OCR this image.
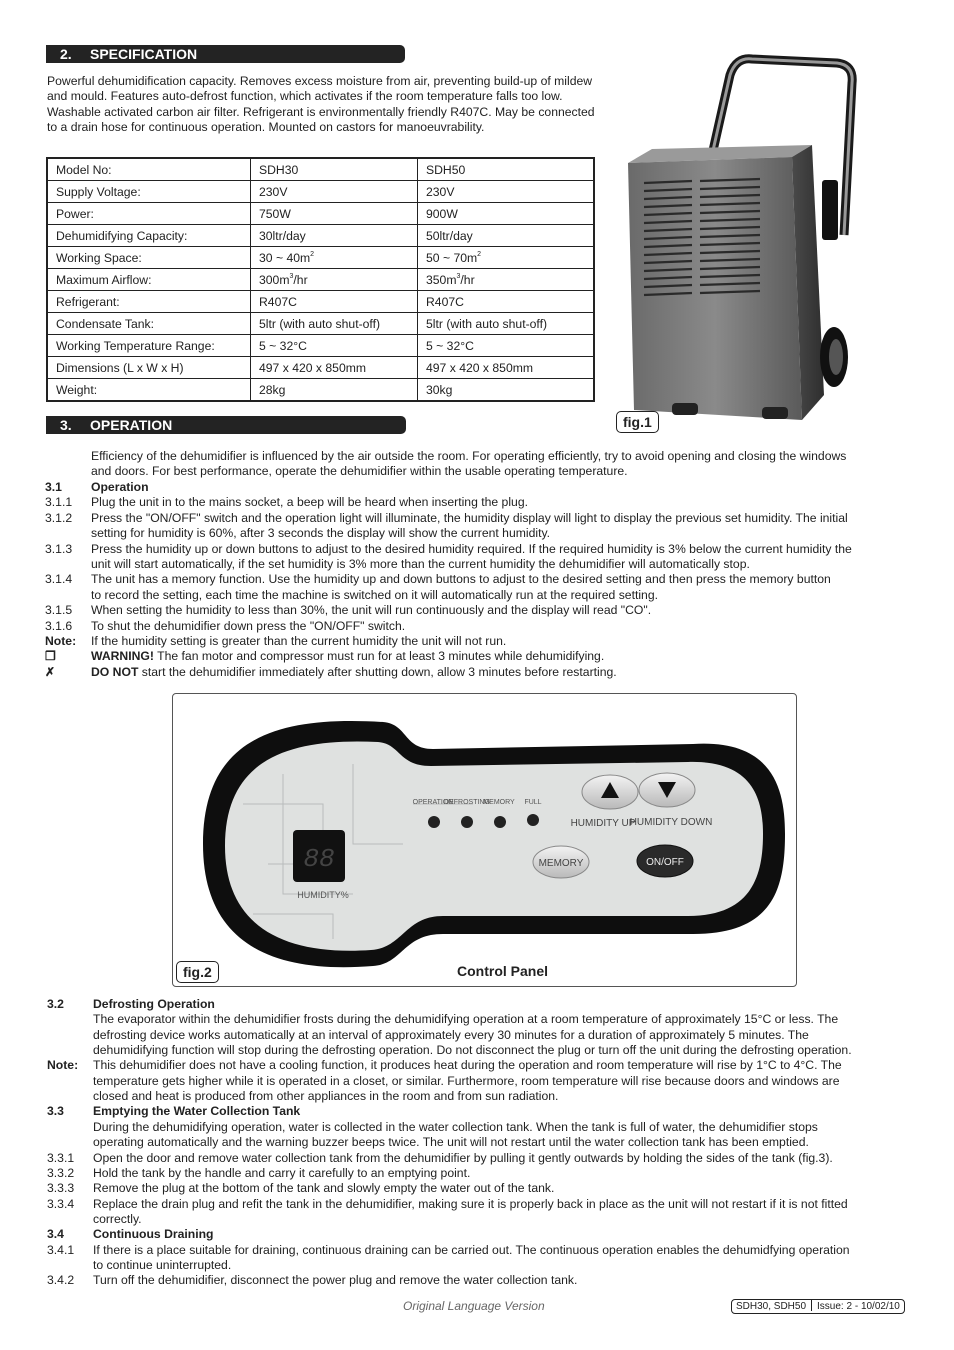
2. SPECIFICATION
Powerful dehumidification capacity. Removes excess moisture from air, preventing build-up of mildew and mould. Features auto-defrost function, which activates if the room temperature falls too low. Washable activated carbon air filter. Refrigerant is environmentally friendly R407C. May be connected to a drain hose for continuous operation. Mounted on castors for manoeuvrability.
Model No:	SDH30	SDH50
Supply Voltage:	230V	230V
Power:	750W	900W
Dehumidifying Capacity:	30ltr/day	50ltr/day
Working Space:	30 ~ $40m^2$	50 ~ $70m^2$
Maximum Airflow:	$300m^3/hr$	$350m^3/hr$
Refrigerant:	R407C	R407C
Condensate Tank:	5ltr (with auto shut-off)	5ltr (with auto shut-off)
Working Temperature Range:	5 ~ 32°C	5 ~ 32°C
Dimensions (L x W x H)	497 x 420 x 850mm	497 x 420 x 850mm
Weight:	28kg	30kg
fig.1
3. OPERATION
Efficiency of the dehumidifier is influenced by the air outside the room. For operating efficiently, try to avoid opening and closing the windows
and doors. For best performance, operate the dehumidifier within the usable operating temperature.
3.1 Operation
3.1.1 Plug the unit in to the mains socket, a beep will be heard when inserting the plug.
3.1.2 Press the "ON/OFF" switch and the operation light will illuminate, the humidity display will light to display the previous set humidity. The initial
setting for humidity is 60%, after 3 seconds the display will show the current humidity.
3.1.3 Press the humidity up or down buttons to adjust to the desired humidity required. If the required humidity is 3% below the current humidity the
unit will start automatically, if the set humidity is 3% more than the current humidity the dehumidifier will automatically stop.
3.1.4 The unit has a memory function. Use the humidity up and down buttons to adjust to the desired setting and then press the memory button
to record the setting, each time the machine is switched on it will automatically run at the required setting.
3.1.5 When setting the humidity to less than 30%, the unit will run continuously and the display will read "CO".
3.1.6 To shut the dehumidifier down press the "ON/OFF" switch.
Note: If the humidity setting is greater than the current humidity the unit will not run.
❒	WARNING! The fan motor and compressor must run for at least 3 minutes while dehumidifying.
✗	DO NOT start the dehumidifier immediately after shutting down, allow 3 minutes before restarting.
88
HUMIDITY%
OPERATION
DEFROSTING
MEMORY FULL
HUMIDITY UP
HUMIDITY DOWN
MEMORY	ON/OFF
fig.2	Control Panel
3.2 Defrosting Operation
The evaporator within the dehumidifier frosts during the dehumidifying operation at a room temperature of approximately 15°C or less. The
defrosting device works automatically at an interval of approximately every 30 minutes for a duration of approximately 5 minutes. The
dehumidifying function will stop during the defrosting operation. Do not disconnect the plug or turn off the unit during the defrosting operation.
Note: This dehumidifier does not have a cooling function, it produces heat during the operation and room temperature will rise by 1°C to 4°C. The
temperature gets higher while it is operated in a closet, or similar. Furthermore, room temperature will rise because doors and windows are
closed and heat is produced from other appliances in the room and from sun radiation.
3.3 Emptying the Water Collection Tank
During the dehumidifying operation, water is collected in the water collection tank. When the tank is full of water, the dehumidifier stops
operating automatically and the warning buzzer beeps twice. The unit will not restart until the water collection tank has been emptied.
3.3.1 Open the door and remove water collection tank from the dehumidifier by pulling it gently outwards by holding the sides of the tank (fig.3).
3.3.2 Hold the tank by the handle and carry it carefully to an emptying point.
3.3.3 Remove the plug at the bottom of the tank and slowly empty the water out of the tank.
3.3.4 Replace the drain plug and refit the tank in the dehumidifier, making sure it is properly back in place as the unit will not restart if it is not fitted
correctly.
3.4 Continuous Draining
3.4.1 If there is a place suitable for draining, continuous draining can be carried out. The continuous operation enables the dehumidfying operation
to continue uninterrupted.
3.4.2 Turn off the dehumidifier, disconnect the power plug and remove the water collection tank.
Original Language Version	SDH30, SDH50 Issue: 2 - 10/02/10
